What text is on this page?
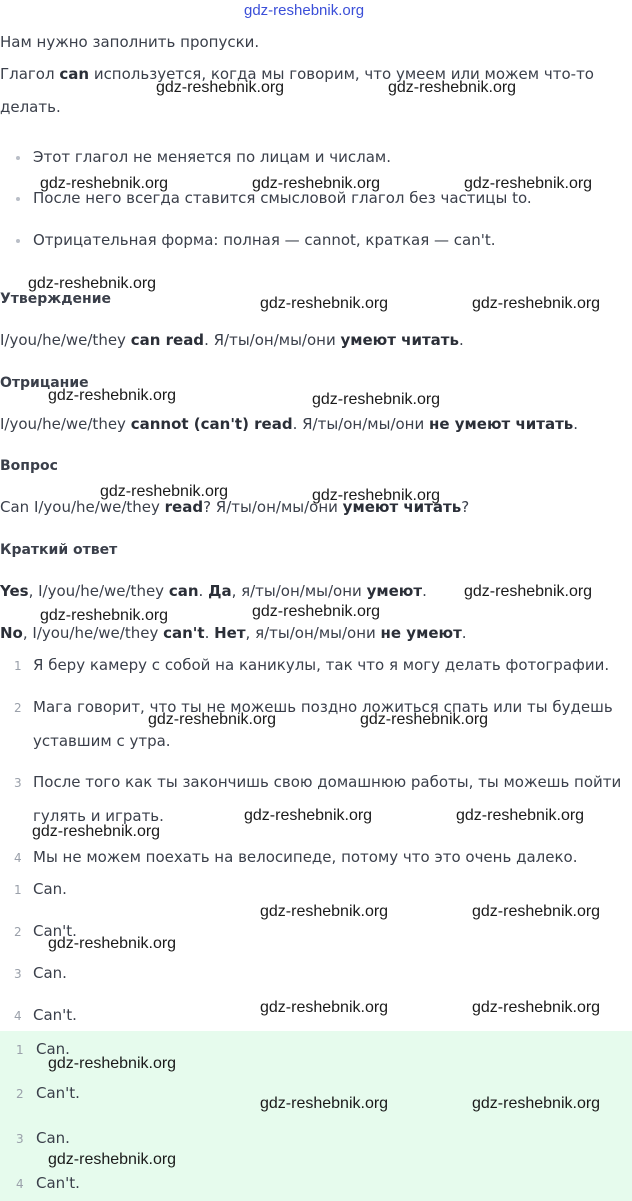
gdz-reshebnik.org
Нам нужно заполнить пропуски.
Глагол can используется, когда мы говорим, что умеем или можем что-то
делать.
Этот глагол не меняется по лицам и числам.
После него всегда ставится смысловой глагол без частицы to.
Отрицательная форма: полная — cannot, краткая — can't.
Утверждение
I/you/he/we/they can read. Я/ты/он/мы/они умеют читать.
Отрицание
I/you/he/we/they cannot (can't) read. Я/ты/он/мы/они не умеют читать.
Вопрос
Can I/you/he/we/they read? Я/ты/он/мы/они умеют читать?
Краткий ответ
Yes, I/you/he/we/they can. Да, я/ты/он/мы/они умеют.
No, I/you/he/we/they can't. Нет, я/ты/он/мы/они не умеют.
1 Я беру камеру с собой на каникулы, так что я могу делать фотографии.
2 Мага говорит, что ты не можешь поздно ложиться спать или ты будешь
уставшим с утра.
3 После того как ты закончишь свою домашнюю работы, ты можешь пойти
гулять и играть.
4 Мы не можем поехать на велосипеде, потому что это очень далеко.
1 Can.
2 Can't.
3 Can.
4 Can't.
1 Can.
2 Can't.
3 Can.
4 Can't.
gdz-reshebnik.org	gdz-reshebnik.org
gdz-reshebnik.org	gdz-reshebnik.org	gdz-reshebnik.org
gdz-reshebnik.org
gdz-reshebnik.org	gdz-reshebnik.org
gdz-reshebnik.org	gdz-reshebnik.org
gdz-reshebnik.org	gdz-reshebnik.org
gdz-reshebnik.org
gdz-reshebnik.org	gdz-reshebnik.org
gdz-reshebnik.org	gdz-reshebnik.org
gdz-reshebnik.org	gdz-reshebnik.org
gdz-reshebnik.org
gdz-reshebnik.org	gdz-reshebnik.org
gdz-reshebnik.org
gdz-reshebnik.org	gdz-reshebnik.org
gdz-reshebnik.org
gdz-reshebnik.org	gdz-reshebnik.org
gdz-reshebnik.org
